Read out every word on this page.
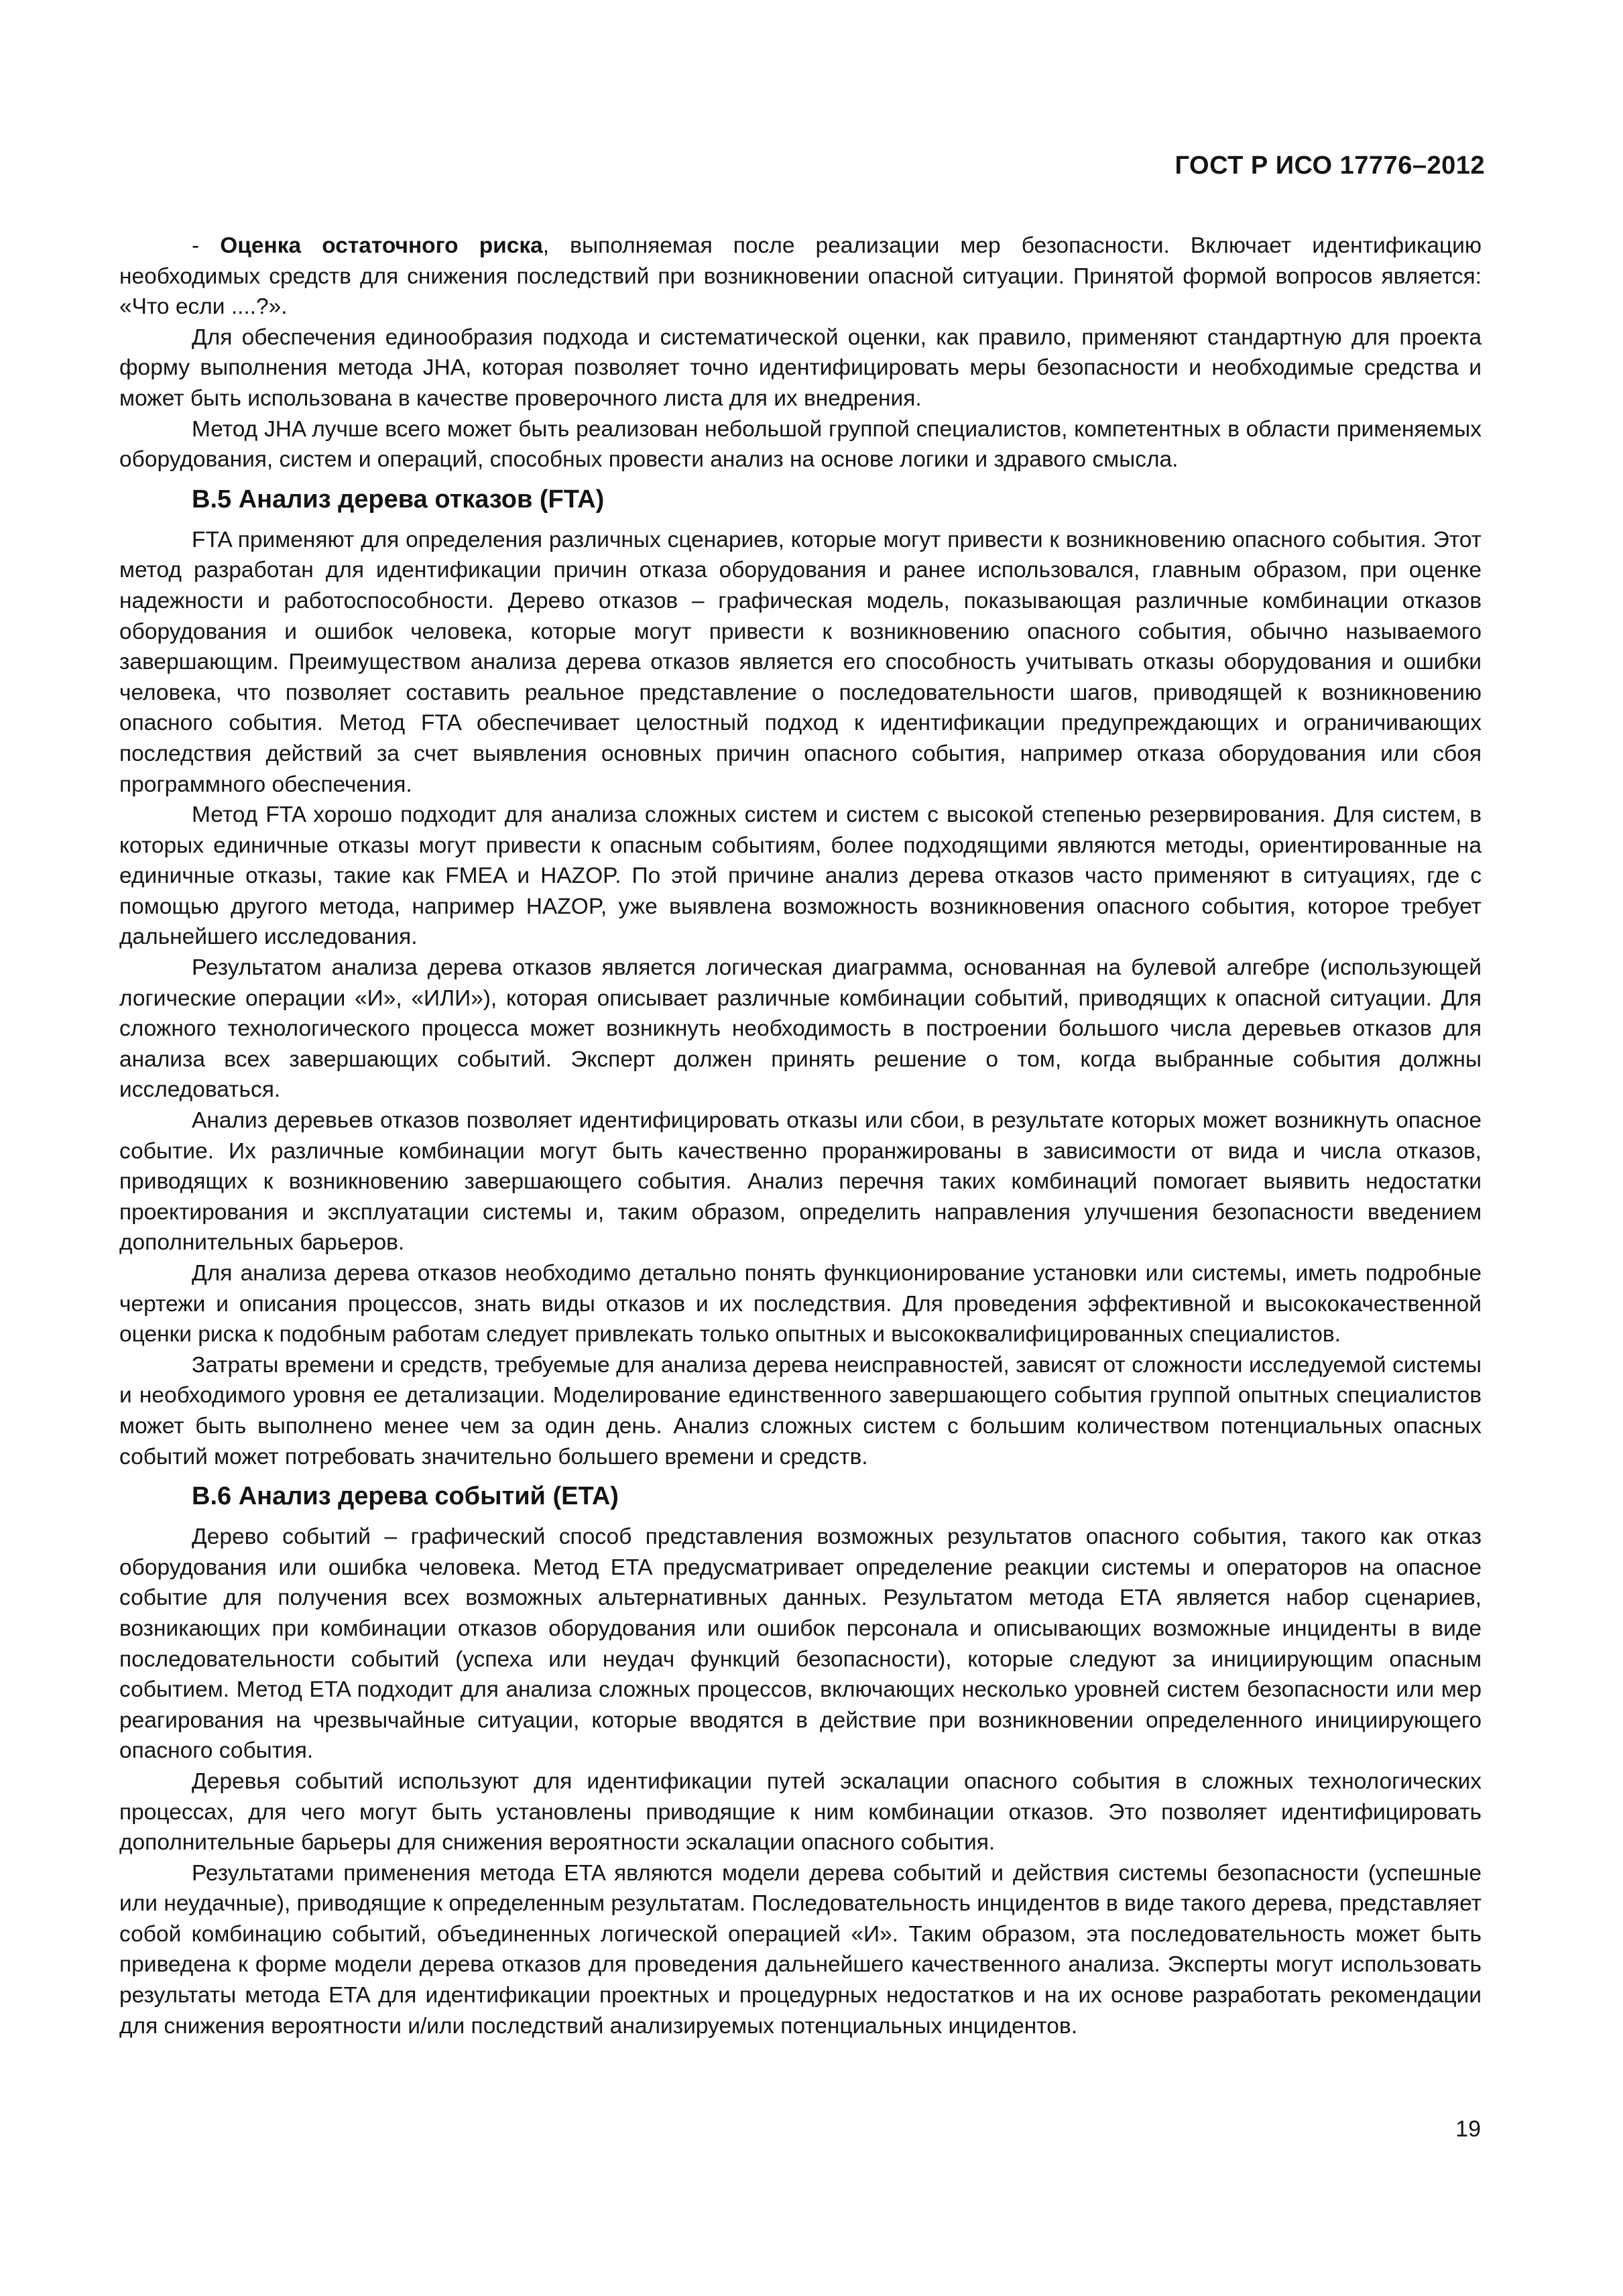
ГОСТ Р ИСО 17776–2012

- Оценка остаточного риска, выполняемая после реализации мер безопасности. Включает идентификацию необходимых средств для снижения последствий при возникновении опасной ситуации. Принятой формой вопросов является: «Что если ....?».

Для обеспечения единообразия подхода и систематической оценки, как правило, применяют стандартную для проекта форму выполнения метода JHA, которая позволяет точно идентифицировать меры безопасности и необходимые средства и может быть использована в качестве проверочного листа для их внедрения.

Метод JHA лучше всего может быть реализован небольшой группой специалистов, компетентных в области применяемых оборудования, систем и операций, способных провести анализ на основе логики и здравого смысла.

B.5 Анализ дерева отказов (FTA)

FTA применяют для определения различных сценариев, которые могут привести к возникновению опасного события. Этот метод разработан для идентификации причин отказа оборудования и ранее использовался, главным образом, при оценке надежности и работоспособности. Дерево отказов – графическая модель, показывающая различные комбинации отказов оборудования и ошибок человека, которые могут привести к возникновению опасного события, обычно называемого завершающим. Преимуществом анализа дерева отказов является его способность учитывать отказы оборудования и ошибки человека, что позволяет составить реальное представление о последовательности шагов, приводящей к возникновению опасного события. Метод FTA обеспечивает целостный подход к идентификации предупреждающих и ограничивающих последствия действий за счет выявления основных причин опасного события, например отказа оборудования или сбоя программного обеспечения.

Метод FTA хорошо подходит для анализа сложных систем и систем с высокой степенью резервирования. Для систем, в которых единичные отказы могут привести к опасным событиям, более подходящими являются методы, ориентированные на единичные отказы, такие как FMEA и HAZOP. По этой причине анализ дерева отказов часто применяют в ситуациях, где с помощью другого метода, например HAZOP, уже выявлена возможность возникновения опасного события, которое требует дальнейшего исследования.

Результатом анализа дерева отказов является логическая диаграмма, основанная на булевой алгебре (использующей логические операции «И», «ИЛИ»), которая описывает различные комбинации событий, приводящих к опасной ситуации. Для сложного технологического процесса может возникнуть необходимость в построении большого числа деревьев отказов для анализа всех завершающих событий. Эксперт должен принять решение о том, когда выбранные события должны исследоваться.

Анализ деревьев отказов позволяет идентифицировать отказы или сбои, в результате которых может возникнуть опасное событие. Их различные комбинации могут быть качественно проранжированы в зависимости от вида и числа отказов, приводящих к возникновению завершающего события. Анализ перечня таких комбинаций помогает выявить недостатки проектирования и эксплуатации системы и, таким образом, определить направления улучшения безопасности введением дополнительных барьеров.

Для анализа дерева отказов необходимо детально понять функционирование установки или системы, иметь подробные чертежи и описания процессов, знать виды отказов и их последствия. Для проведения эффективной и высококачественной оценки риска к подобным работам следует привлекать только опытных и высококвалифицированных специалистов.

Затраты времени и средств, требуемые для анализа дерева неисправностей, зависят от сложности исследуемой системы и необходимого уровня ее детализации. Моделирование единственного завершающего события группой опытных специалистов может быть выполнено менее чем за один день. Анализ сложных систем с большим количеством потенциальных опасных событий может потребовать значительно большего времени и средств.

B.6 Анализ дерева событий (ETA)

Дерево событий – графический способ представления возможных результатов опасного события, такого как отказ оборудования или ошибка человека. Метод ETA предусматривает определение реакции системы и операторов на опасное событие для получения всех возможных альтернативных данных. Результатом метода ETA является набор сценариев, возникающих при комбинации отказов оборудования или ошибок персонала и описывающих возможные инциденты в виде последовательности событий (успеха или неудач функций безопасности), которые следуют за инициирующим опасным событием. Метод ETA подходит для анализа сложных процессов, включающих несколько уровней систем безопасности или мер реагирования на чрезвычайные ситуации, которые вводятся в действие при возникновении определенного инициирующего опасного события.

Деревья событий используют для идентификации путей эскалации опасного события в сложных технологических процессах, для чего могут быть установлены приводящие к ним комбинации отказов. Это позволяет идентифицировать дополнительные барьеры для снижения вероятности эскалации опасного события.

Результатами применения метода ETA являются модели дерева событий и действия системы безопасности (успешные или неудачные), приводящие к определенным результатам. Последовательность инцидентов в виде такого дерева, представляет собой комбинацию событий, объединенных логической операцией «И». Таким образом, эта последовательность может быть приведена к форме модели дерева отказов для проведения дальнейшего качественного анализа. Эксперты могут использовать результаты метода ETA для идентификации проектных и процедурных недостатков и на их основе разработать рекомендации для снижения вероятности и/или последствий анализируемых потенциальных инцидентов.

19
